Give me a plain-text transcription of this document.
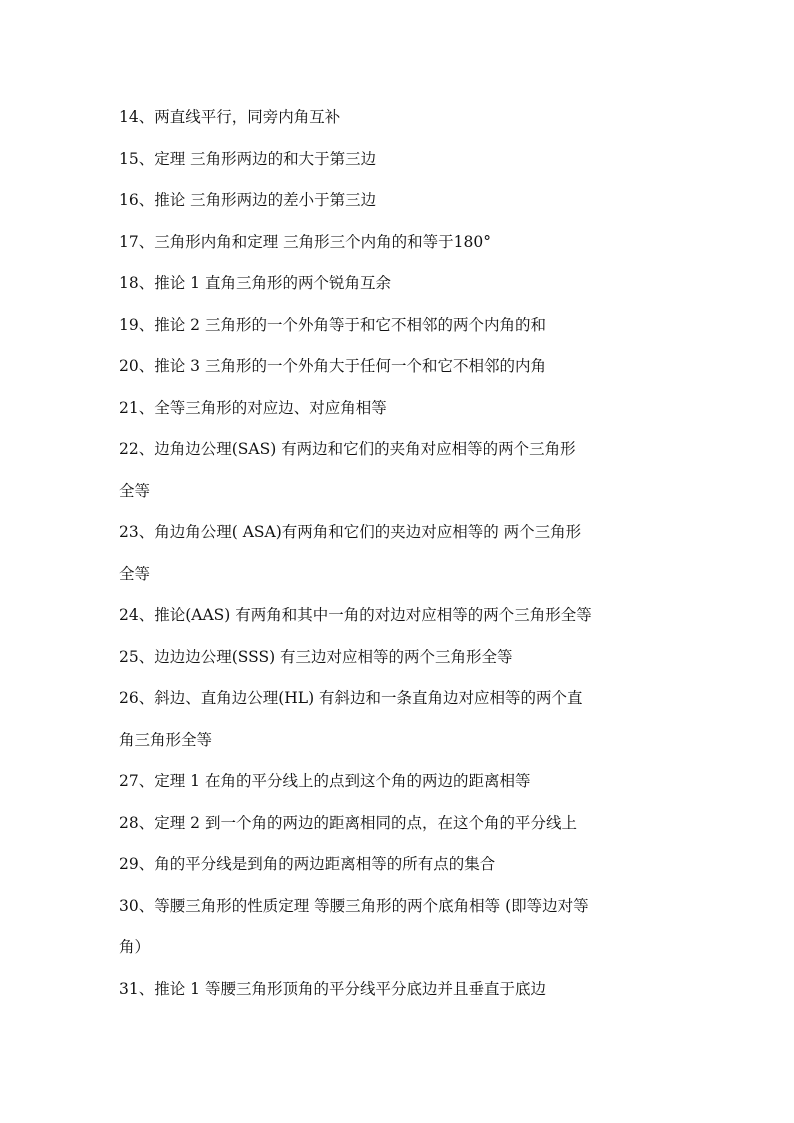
14、两直线平行，同旁内角互补
15、定理 三角形两边的和大于第三边
16、推论 三角形两边的差小于第三边
17、三角形内角和定理 三角形三个内角的和等于180°
18、推论 1 直角三角形的两个锐角互余
19、推论 2 三角形的一个外角等于和它不相邻的两个内角的和
20、推论 3 三角形的一个外角大于任何一个和它不相邻的内角
21、全等三角形的对应边、对应角相等
22、边角边公理(SAS) 有两边和它们的夹角对应相等的两个三角形
全等
23、角边角公理( ASA)有两角和它们的夹边对应相等的 两个三角形
全等
24、推论(AAS) 有两角和其中一角的对边对应相等的两个三角形全等
25、边边边公理(SSS) 有三边对应相等的两个三角形全等
26、斜边、直角边公理(HL) 有斜边和一条直角边对应相等的两个直
角三角形全等
27、定理 1 在角的平分线上的点到这个角的两边的距离相等
28、定理 2 到一个角的两边的距离相同的点，在这个角的平分线上
29、角的平分线是到角的两边距离相等的所有点的集合
30、等腰三角形的性质定理 等腰三角形的两个底角相等 (即等边对等
角）
31、推论 1 等腰三角形顶角的平分线平分底边并且垂直于底边
